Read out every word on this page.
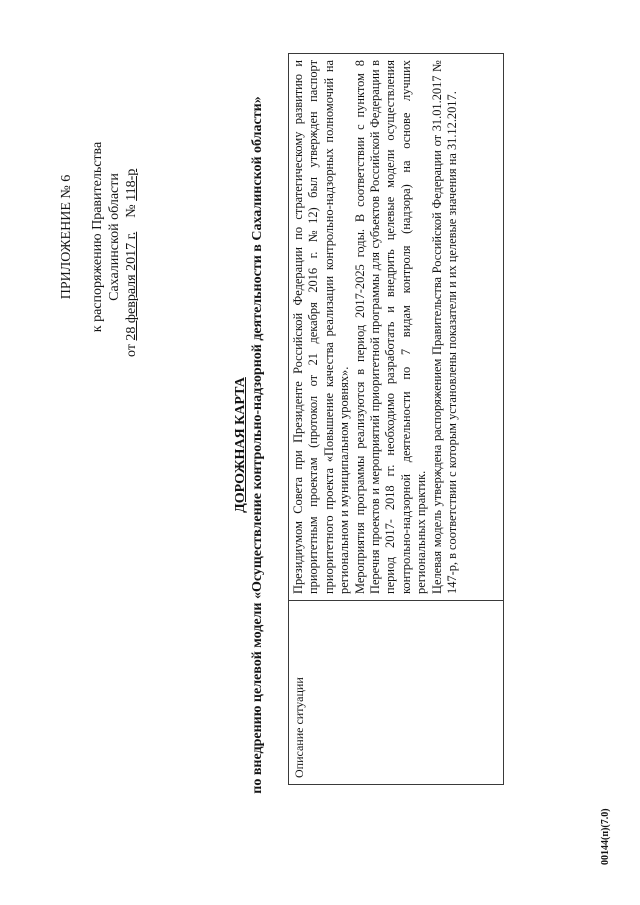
ПРИЛОЖЕНИЕ № 6 к распоряжению Правительства Сахалинской области
от 28 февраля 2017 г.    № 118-р
ДОРОЖНАЯ КАРТА по внедрению целевой модели «Осуществление контрольно-надзорной деятельности в Сахалинской области» Описание ситуации

Президиумом Совета при Президенте Российской Федерации по стратегическому развитию и приоритетным проектам (протокол от 21 декабря 2016 г. №12) был утвержден паспорт приоритетного проекта «Повышение качества реализации контрольно-надзорных полномочий на региональном и муниципальном уровнях». Мероприятия программы реализуются в период 2017-2025 годы. В соответствии с пунктом 8 Перечня проектов и мероприятий приоритетной программы для субъектов Российской Федерации в период 2017- 2018 гг. необходимо разработать и внедрить целевые модели осуществления контрольно-надзорной деятельности по 7 видам контроля (надзора) на основе лучших региональных практик. Целевая модель утверждена распоряжением Правительства Российской Федерации от 31.01.2017 № 147-р, в соответствии с которым установлены показатели и их целевые значения на 31.12.2017.

00144(п)(7.0)
